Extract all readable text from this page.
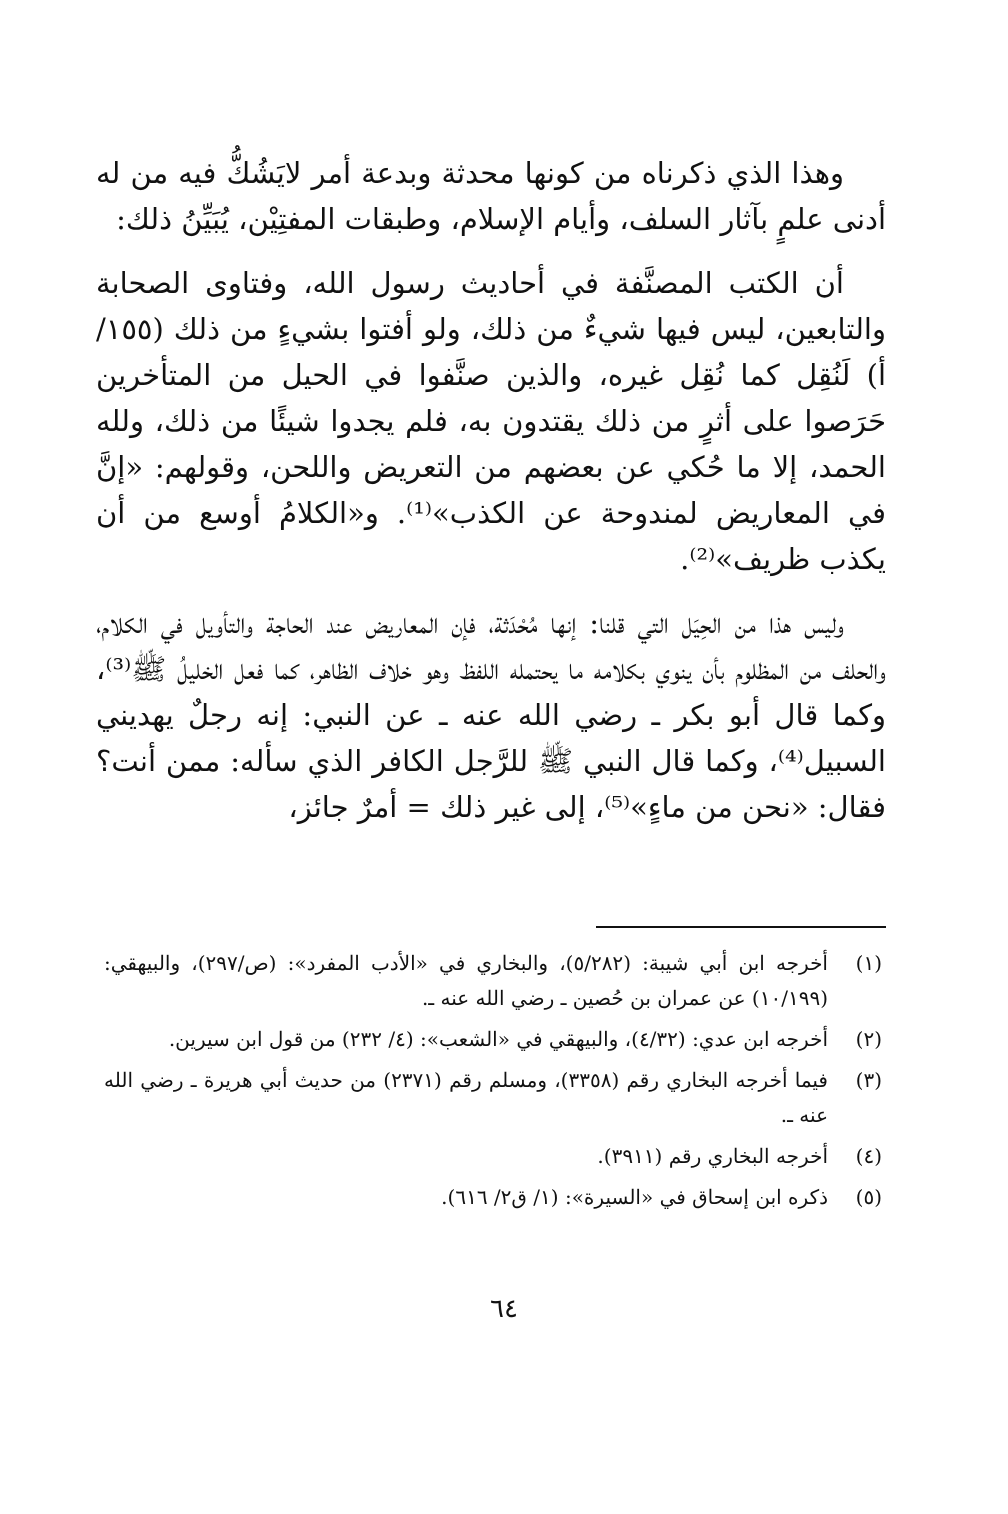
وهذا الذي ذكرناه من كونها محدثة وبدعة أمر لايَشُكُّ فيه من له أدنى علمٍ بآثار السلف، وأيام الإسلام، وطبقات المفتِيْن، يُبَيِّنُ ذلك:

أن الكتب المصنَّفة في أحاديث رسول الله، وفتاوى الصحابة والتابعين، ليس فيها شيءٌ من ذلك، ولو أفتوا بشيءٍ من ذلك (١٥٥/أ) لَنُقِل كما نُقِل غيره، والذين صنَّفوا في الحيل من المتأخرين حَرَصوا على أثرٍ من ذلك يقتدون به، فلم يجدوا شيئًا من ذلك، ولله الحمد، إلا ما حُكي عن بعضهم من التعريض واللحن، وقولهم: «إنَّ في المعاريض لمندوحة عن الكذب»⁽¹⁾. و«الكلامُ أوسع من أن يكذب ظريف»⁽²⁾.

وليس هذا من الحِيَل التي قلنا: إنها مُحْدَثة، فإن المعاريض عند الحاجة والتأويل في الكلام، والحلف من المظلوم بأن ينوي بكلامه ما يحتمله اللفظ وهو خلاف الظاهر، كما فعل الخليلُ ﷺ⁽³⁾، وكما قال أبو بكر ـ رضي الله عنه ـ عن النبي: إنه رجلٌ يهديني السبيل⁽⁴⁾، وكما قال النبي ﷺ للرَّجل الكافر الذي سأله: ممن أنت؟ فقال: «نحن من ماءٍ»⁽⁵⁾، إلى غير ذلك = أمرٌ جائز،

(١)
أخرجه ابن أبي شيبة: (٥/٢٨٢)، والبخاري في «الأدب المفرد»: (ص/٢٩٧)، والبيهقي: (١٠/١٩٩) عن عمران بن حُصين ـ رضي الله عنه ـ.
(٢)
أخرجه ابن عدي: (٤/٣٢)، والبيهقي في «الشعب»: (٤/ ٢٣٢) من قول ابن سيرين.
(٣)
فيما أخرجه البخاري رقم (٣٣٥٨)، ومسلم رقم (٢٣٧١) من حديث أبي هريرة ـ رضي الله عنه ـ.
(٤)
أخرجه البخاري رقم (٣٩١١).
(٥)
ذكره ابن إسحاق في «السيرة»: (١/ ق٢/ ٦١٦).
٦٤
